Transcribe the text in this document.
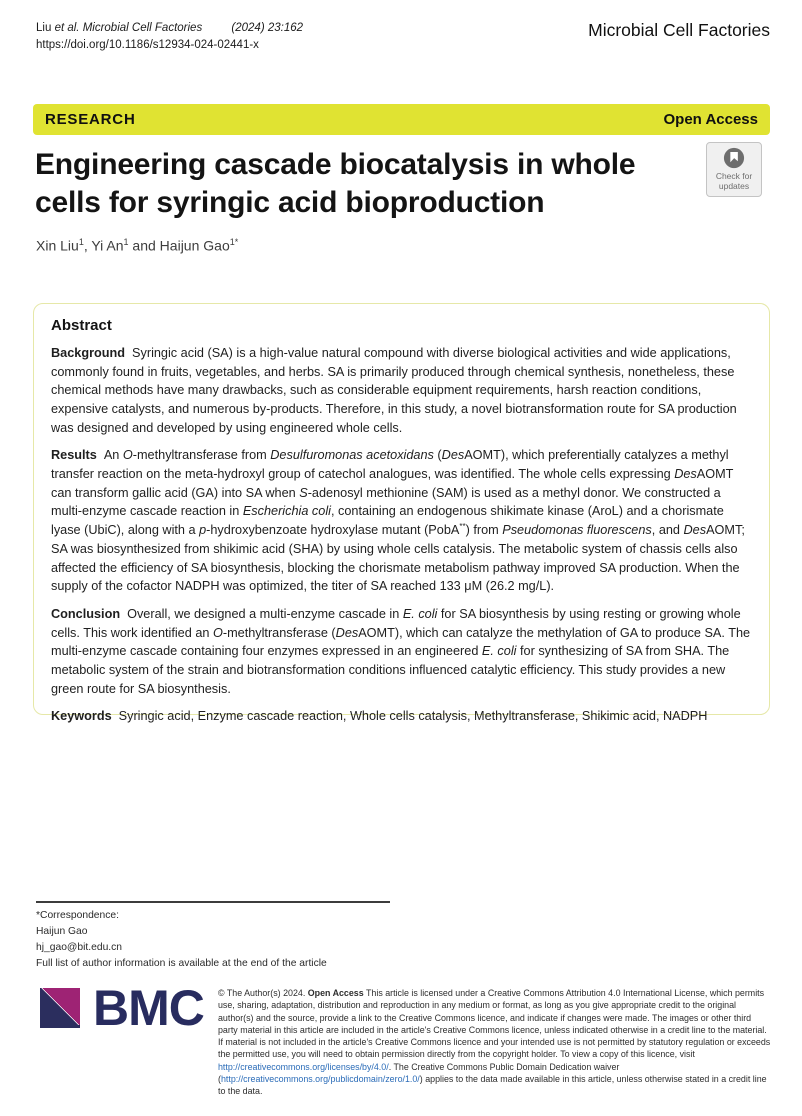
Liu et al. Microbial Cell Factories	(2024) 23:162
https://doi.org/10.1186/s12934-024-02441-x
Microbial Cell Factories
RESEARCH	Open Access
Check for
updates
Engineering cascade biocatalysis in whole cells for syringic acid bioproduction
Xin Liu$^1$, Yi An$^1$ and Haijun Gao$^{1*}$
Abstract

Background Syringic acid (SA) is a high-value natural compound with diverse biological activities and wide applications, commonly found in fruits, vegetables, and herbs. SA is primarily produced through chemical synthesis, nonetheless, these chemical methods have many drawbacks, such as considerable equipment requirements, harsh reaction conditions, expensive catalysts, and numerous by-products. Therefore, in this study, a novel biotransformation route for SA production was designed and developed by using engineered whole cells.

Results An O-methyltransferase from Desulfuromonas acetoxidans (DesAOMT), which preferentially catalyzes a methyl transfer reaction on the meta-hydroxyl group of catechol analogues, was identified. The whole cells expressing DesAOMT can transform gallic acid (GA) into SA when S-adenosyl methionine (SAM) is used as a methyl donor. We constructed a multi-enzyme cascade reaction in Escherichia coli, containing an endogenous shikimate kinase (AroL) and a chorismate lyase (UbiC), along with a p-hydroxybenzoate hydroxylase mutant (PobA**) from Pseudomonas fluorescens, and DesAOMT; SA was biosynthesized from shikimic acid (SHA) by using whole cells catalysis. The metabolic system of chassis cells also affected the efficiency of SA biosynthesis, blocking the chorismate metabolism pathway improved SA production. When the supply of the cofactor NADPH was optimized, the titer of SA reached 133 μM (26.2 mg/L).

Conclusion Overall, we designed a multi-enzyme cascade in E. coli for SA biosynthesis by using resting or growing whole cells. This work identified an O-methyltransferase (DesAOMT), which can catalyze the methylation of GA to produce SA. The multi-enzyme cascade containing four enzymes expressed in an engineered E. coli for synthesizing of SA from SHA. The metabolic system of the strain and biotransformation conditions influenced catalytic efficiency. This study provides a new green route for SA biosynthesis.

Keywords Syringic acid, Enzyme cascade reaction, Whole cells catalysis, Methyltransferase, Shikimic acid, NADPH

*Correspondence:
Haijun Gao
hj_gao@bit.edu.cn
Full list of author information is available at the end of the article
BMC © The Author(s) 2024. Open Access This article is licensed under a Creative Commons Attribution 4.0 International License, which permits use, sharing, adaptation, distribution and reproduction in any medium or format, as long as you give appropriate credit to the original author(s) and the source, provide a link to the Creative Commons licence, and indicate if changes were made. The images or other third party material in this article are included in the article's Creative Commons licence, unless indicated otherwise in a credit line to the material. If material is not included in the article's Creative Commons licence and your intended use is not permitted by statutory regulation or exceeds the permitted use, you will need to obtain permission directly from the copyright holder. To view a copy of this licence, visit http://creativecommons.org/licenses/by/4.0/. The Creative Commons Public Domain Dedication waiver (http://creativecommons.org/publicdomain/zero/1.0/) applies to the data made available in this article, unless otherwise stated in a credit line to the data.
